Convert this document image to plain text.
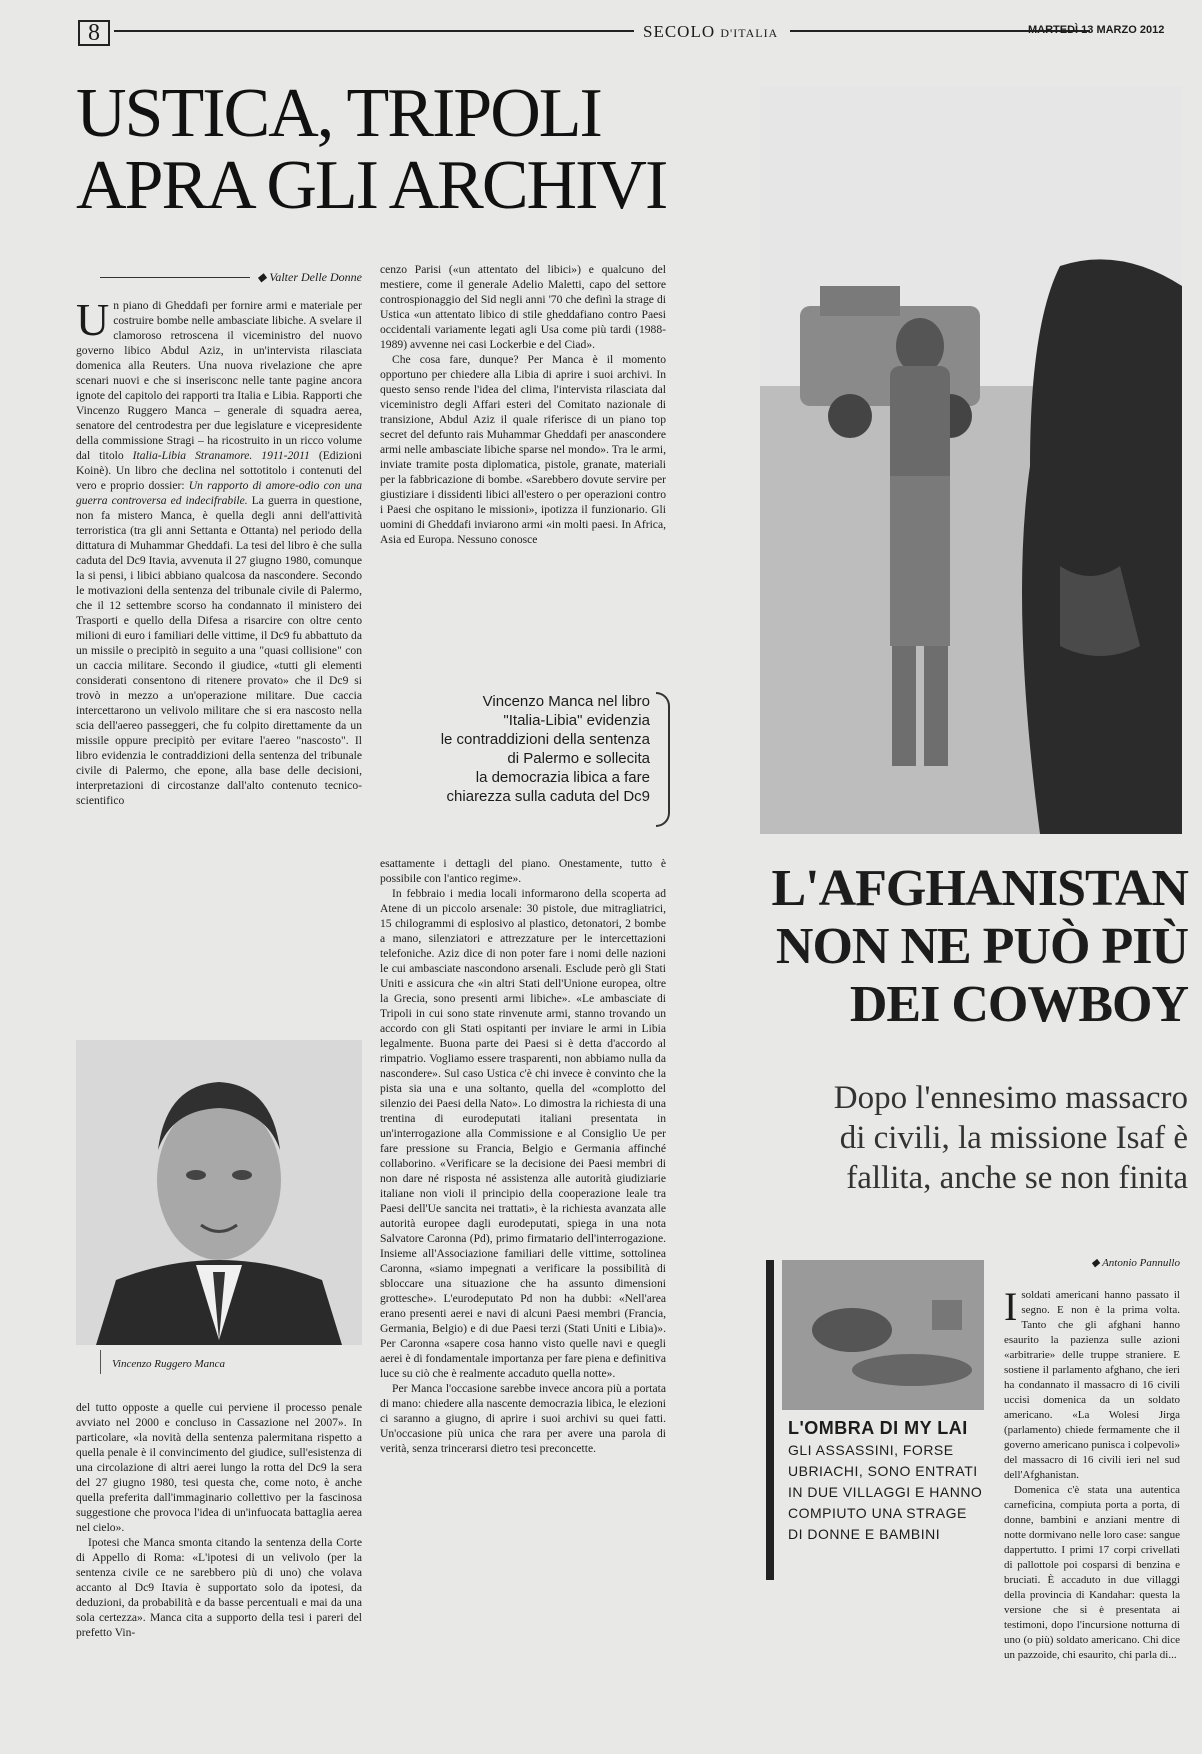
8	SECOLO D'ITALIA	MARTEDÌ 13 MARZO 2012
USTICA, TRIPOLI
APRA GLI ARCHIVI
◆ Valter Delle Donne

Un piano di Gheddafi per fornire armi e materiale per costruire bombe nelle ambasciate libiche. A svelare il clamoroso retroscena il viceministro del nuovo governo libico Abdul Aziz, in un'intervista rilasciata domenica alla Reuters. Una nuova rivelazione che apre scenari nuovi e che si inserisconc nelle tante pagine ancora ignote del capitolo dei rapporti tra Italia e Libia. Rapporti che Vincenzo Ruggero Manca – generale di squadra aerea, senatore del centrodestra per due legislature e vicepresidente della commissione Stragi – ha ricostruito in un ricco volume dal titolo Italia-Libia Stranamore. 1911-2011 (Edizioni Koinè). Un libro che declina nel sottotitolo i contenuti del vero e proprio dossier: Un rapporto di amore-odio con una guerra controversa ed indecifrabile. La guerra in questione, non fa mistero Manca, è quella degli anni dell'attività terroristica (tra gli anni Settanta e Ottanta) nel periodo della dittatura di Muhammar Gheddafi. La tesi del libro è che sulla caduta del Dc9 Itavia, avvenuta il 27 giugno 1980, comunque la si pensi, i libici abbiano qualcosa da nascondere. Secondo le motivazioni della sentenza del tribunale civile di Palermo, che il 12 settembre scorso ha condannato il ministero dei Trasporti e quello della Difesa a risarcire con oltre cento milioni di euro i familiari delle vittime, il Dc9 fu abbattuto da un missile o precipitò in seguito a una "quasi collisione" con un caccia militare. Secondo il giudice, «tutti gli elementi considerati consentono di ritenere provato» che il Dc9 si trovò in mezzo a un'operazione militare. Due caccia intercettarono un velivolo militare che si era nascosto nella scia dell'aereo passeggeri, che fu colpito direttamente da un missile oppure precipitò per evitare l'aereo "nascosto". Il libro evidenzia le contraddizioni della sentenza del tribunale civile di Palermo, che epone, alla base delle decisioni, interpretazioni di circostanze dall'alto contenuto tecnico-scientifico

Vincenzo Ruggero Manca

del tutto opposte a quelle cui perviene il processo penale avviato nel 2000 e concluso in Cassazione nel 2007». In particolare, «la novità della sentenza palermitana rispetto a quella penale è il convincimento del giudice, sull'esistenza di una circolazione di altri aerei lungo la rotta del Dc9 la sera del 27 giugno 1980, tesi questa che, come noto, è anche quella preferita dall'immaginario collettivo per la fascinosa suggestione che provoca l'idea di un'infuocata battaglia aerea nel cielo».

Ipotesi che Manca smonta citando la sentenza della Corte di Appello di Roma: «L'ipotesi di un velivolo (per la sentenza civile ce ne sarebbero più di uno) che volava accanto al Dc9 Itavia è supportato solo da ipotesi, da deduzioni, da probabilità e da basse percentuali e mai da una sola certezza». Manca cita a supporto della tesi i pareri del prefetto Vin-

cenzo Parisi («un attentato del libici») e qualcuno del mestiere, come il generale Adelio Maletti, capo del settore controspionaggio del Sid negli anni '70 che definì la strage di Ustica «un attentato libico di stile gheddafiano contro Paesi occidentali variamente legati agli Usa come più tardi (1988-1989) avvenne nei casi Lockerbie e del Ciad».

Che cosa fare, dunque? Per Manca è il momento opportuno per chiedere alla Libia di aprire i suoi archivi. In questo senso rende l'idea del clima, l'intervista rilasciata dal viceministro degli Affari esteri del Comitato nazionale di transizione, Abdul Aziz il quale riferisce di un piano top secret del defunto rais Muhammar Gheddafi per anascondere armi nelle ambasciate libiche sparse nel mondo». Tra le armi, inviate tramite posta diplomatica, pistole, granate, materiali per la fabbricazione di bombe. «Sarebbero dovute servire per giustiziare i dissidenti libici all'estero o per operazioni contro i Paesi che ospitano le missioni», ipotizza il funzionario. Gli uomini di Gheddafi inviarono armi «in molti paesi. In Africa, Asia ed Europa. Nessuno conosce

Vincenzo Manca nel libro
"Italia-Libia" evidenzia
le contraddizioni della sentenza
di Palermo e sollecita
la democrazia libica a fare
chiarezza sulla caduta del Dc9

esattamente i dettagli del piano. Onestamente, tutto è possibile con l'antico regime».

In febbraio i media locali informarono della scoperta ad Atene di un piccolo arsenale: 30 pistole, due mitragliatrici, 15 chilogrammi di esplosivo al plastico, detonatori, 2 bombe a mano, silenziatori e attrezzature per le intercettazioni telefoniche. Aziz dice di non poter fare i nomi delle nazioni le cui ambasciate nascondono arsenali. Esclude però gli Stati Uniti e assicura che «in altri Stati dell'Unione europea, oltre la Grecia, sono presenti armi libiche». «Le ambasciate di Tripoli in cui sono state rinvenute armi, stanno trovando un accordo con gli Stati ospitanti per inviare le armi in Libia legalmente. Buona parte dei Paesi si è detta d'accordo al rimpatrio. Vogliamo essere trasparenti, non abbiamo nulla da nascondere». Sul caso Ustica c'è chi invece è convinto che la pista sia una e una soltanto, quella del «complotto del silenzio dei Paesi della Nato». Lo dimostra la richiesta di una trentina di eurodeputati italiani presentata in un'interrogazione alla Commissione e al Consiglio Ue per fare pressione su Francia, Belgio e Germania affinché collaborino. «Verificare se la decisione dei Paesi membri di non dare né risposta né assistenza alle autorità giudiziarie italiane non violi il principio della cooperazione leale tra Paesi dell'Ue sancita nei trattati», è la richiesta avanzata alle autorità europee dagli eurodeputati, spiega in una nota Salvatore Caronna (Pd), primo firmatario dell'interrogazione. Insieme all'Associazione familiari delle vittime, sottolinea Caronna, «siamo impegnati a verificare la possibilità di sbloccare una situazione che ha assunto dimensioni grottesche». L'eurodeputato Pd non ha dubbi: «Nell'area erano presenti aerei e navi di alcuni Paesi membri (Francia, Germania, Belgio) e di due Paesi terzi (Stati Uniti e Libia)». Per Caronna «sapere cosa hanno visto quelle navi e quegli aerei è di fondamentale importanza per fare piena e definitiva luce su ciò che è realmente accaduto quella notte».

Per Manca l'occasione sarebbe invece ancora più a portata di mano: chiedere alla nascente democrazia libica, le elezioni ci saranno a giugno, di aprire i suoi archivi su quei fatti. Un'occasione più unica che rara per avere una parola di verità, senza trincerarsi dietro tesi preconcette.

L'AFGHANISTAN
NON NE PUÒ PIÙ
DEI COWBOY
Dopo l'ennesimo massacro
di civili, la missione Isaf è
fallita, anche se non finita
◆ Antonio Pannullo
L'OMBRA DI MY LAI
GLI ASSASSINI, FORSE UBRIACHI, SONO ENTRATI IN DUE VILLAGGI E HANNO COMPIUTO UNA STRAGE DI DONNE E BAMBINI

Isoldati americani hanno passato il segno. E non è la prima volta. Tanto che gli afghani hanno esaurito la pazienza sulle azioni «arbitrarie» delle truppe straniere. E sostiene il parlamento afghano, che ieri ha condannato il massacro di 16 civili uccisi domenica da un soldato americano. «La Wolesi Jirga (parlamento) chiede fermamente che il governo americano punisca i colpevoli» del massacro di 16 civili ieri nel sud dell'Afghanistan.

Domenica c'è stata una autentica carneficina, compiuta porta a porta, di donne, bambini e anziani mentre di notte dormivano nelle loro case: sangue dappertutto. I primi 17 corpi crivellati di pallottole poi cosparsi di benzina e bruciati. È accaduto in due villaggi della provincia di Kandahar: questa la versione che si è presentata ai testimoni, dopo l'incursione notturna di uno (o più) soldato americano. Chi dice un pazzoide, chi esaurito, chi parla di...
